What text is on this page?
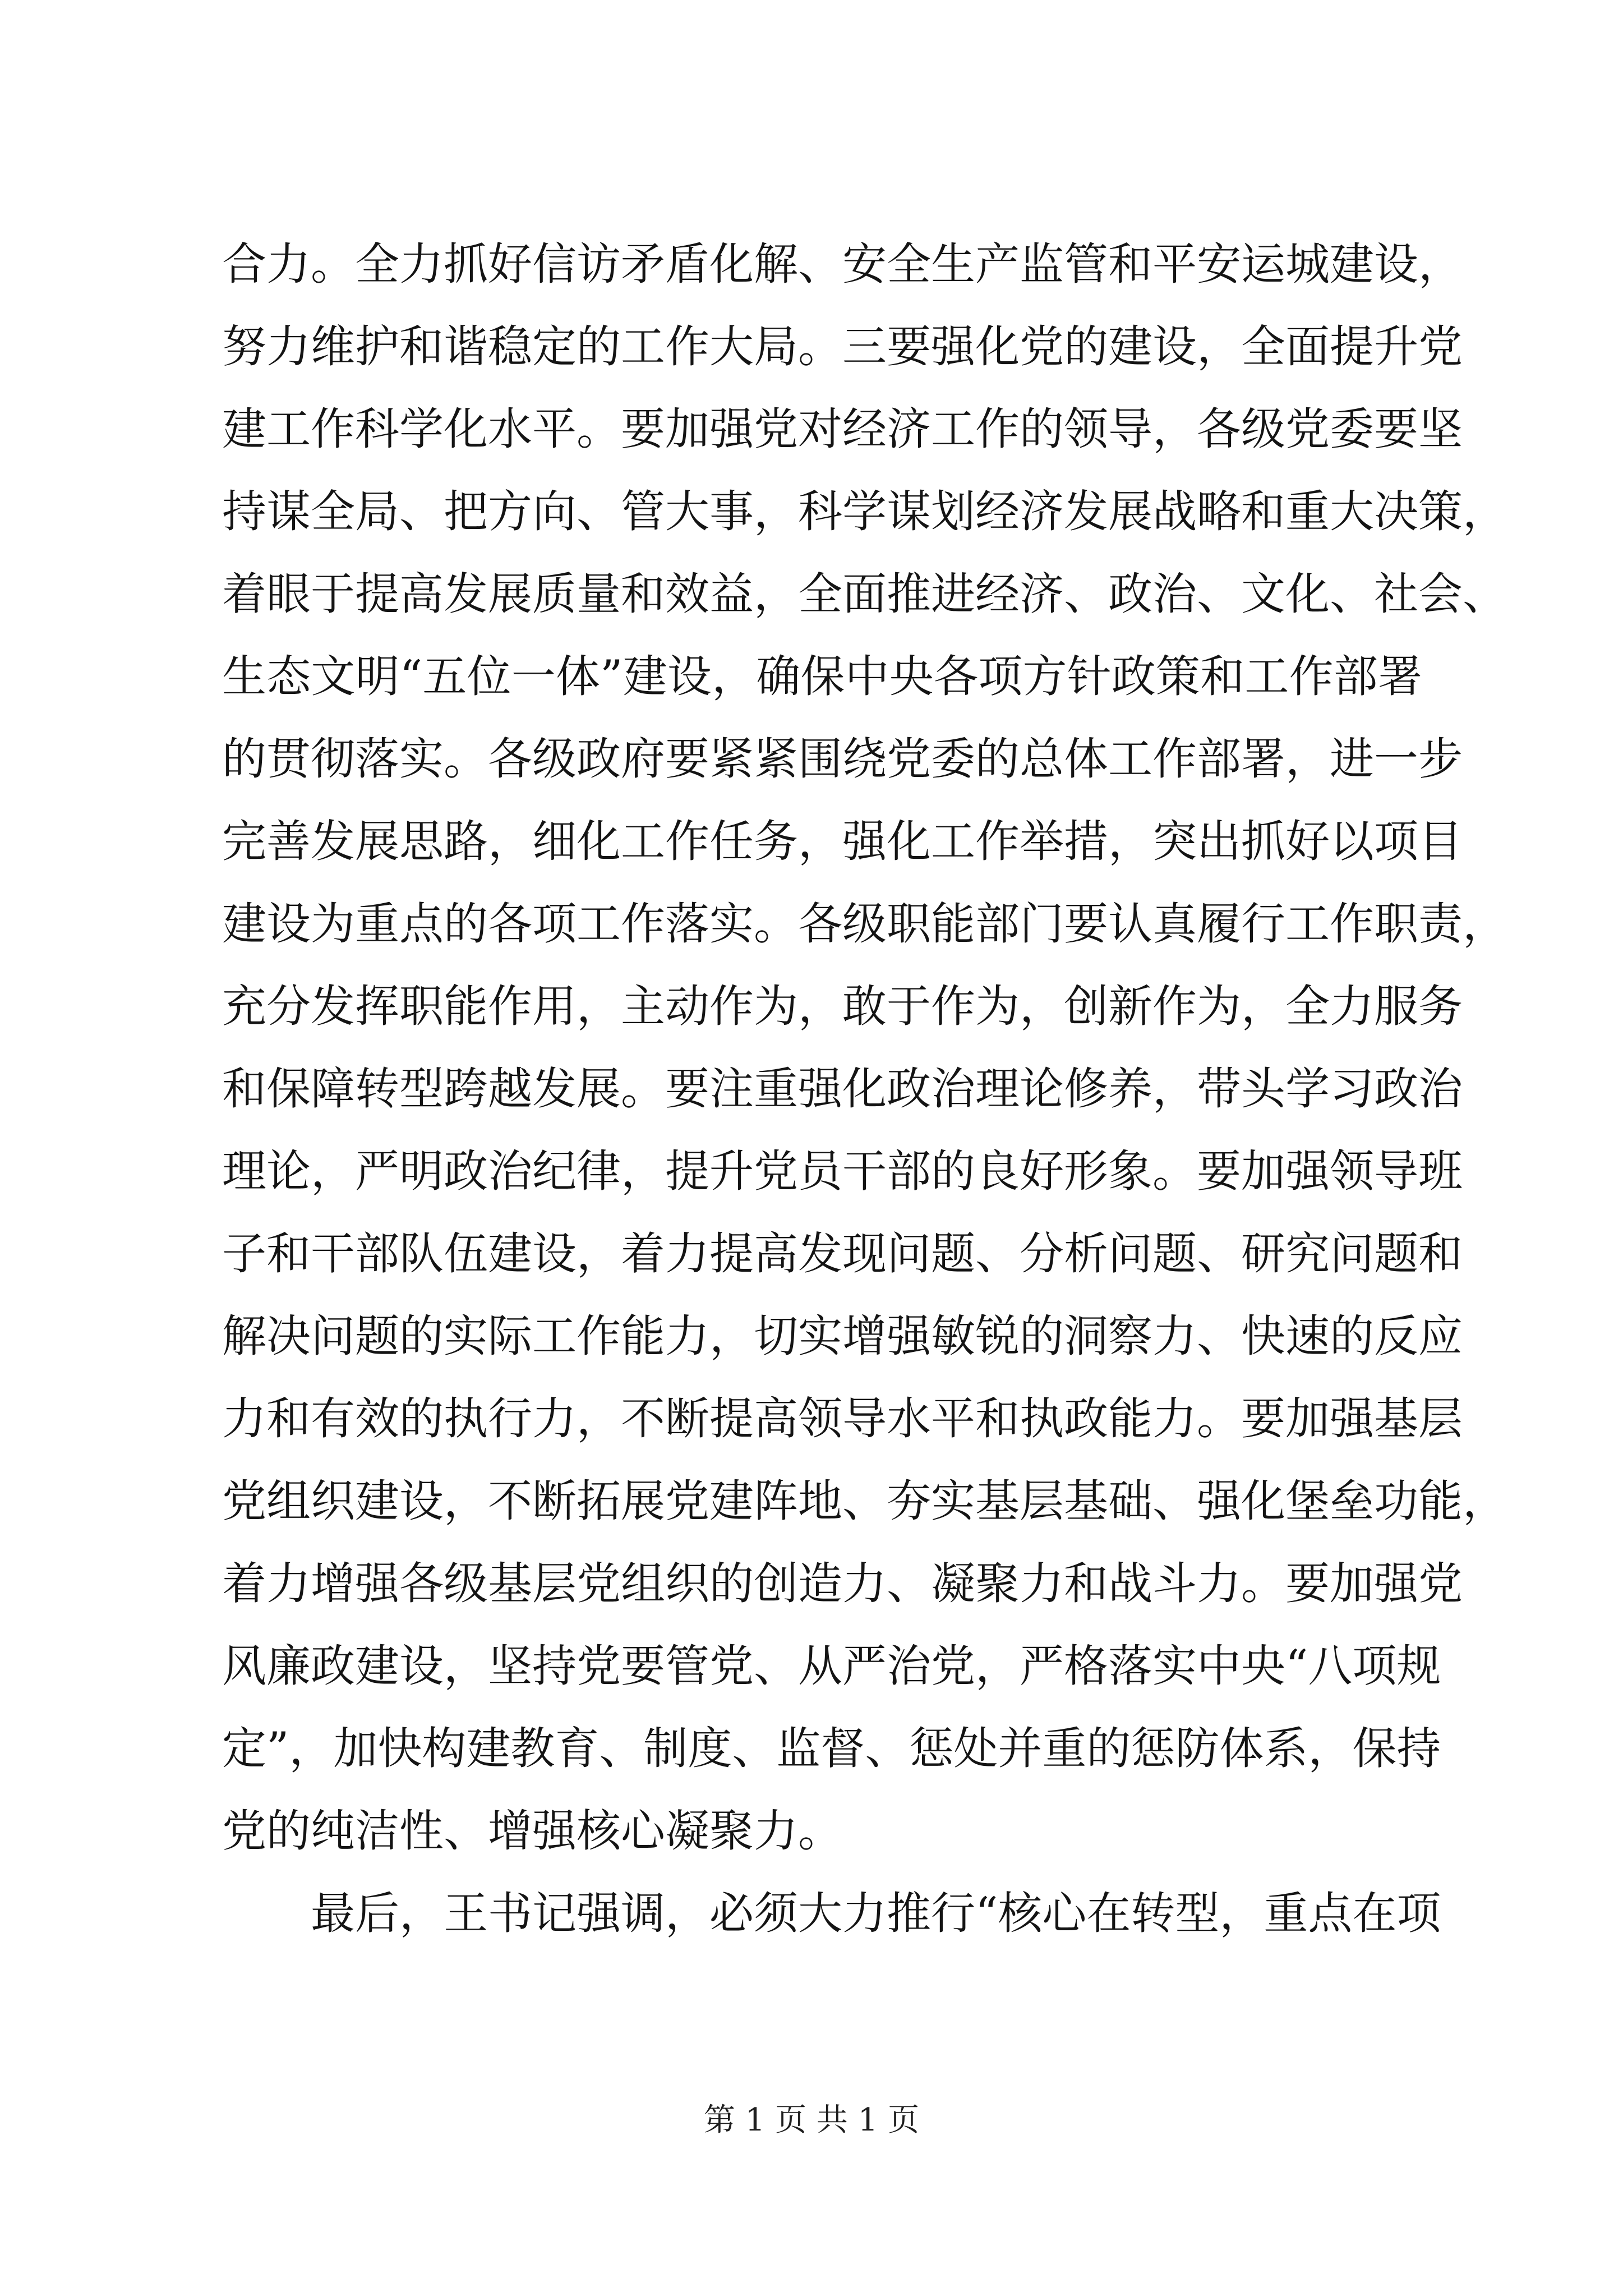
合力。全力抓好信访矛盾化解、安全生产监管和平安运城建设，
努力维护和谐稳定的工作大局。三要强化党的建设，全面提升党
建工作科学化水平。要加强党对经济工作的领导，各级党委要坚
持谋全局、把方向、管大事，科学谋划经济发展战略和重大决策，
着眼于提高发展质量和效益，全面推进经济、政治、文化、社会、
生态文明“五位一体”建设，确保中央各项方针政策和工作部署
的贯彻落实。各级政府要紧紧围绕党委的总体工作部署，进一步
完善发展思路，细化工作任务，强化工作举措，突出抓好以项目
建设为重点的各项工作落实。各级职能部门要认真履行工作职责，
充分发挥职能作用，主动作为，敢于作为，创新作为，全力服务
和保障转型跨越发展。要注重强化政治理论修养，带头学习政治
理论，严明政治纪律，提升党员干部的良好形象。要加强领导班
子和干部队伍建设，着力提高发现问题、分析问题、研究问题和
解决问题的实际工作能力，切实增强敏锐的洞察力、快速的反应
力和有效的执行力，不断提高领导水平和执政能力。要加强基层
党组织建设，不断拓展党建阵地、夯实基层基础、强化堡垒功能，
着力增强各级基层党组织的创造力、凝聚力和战斗力。要加强党
风廉政建设，坚持党要管党、从严治党，严格落实中央“八项规
定”，加快构建教育、制度、监督、惩处并重的惩防体系，保持
党的纯洁性、增强核心凝聚力。
最后，王书记强调，必须大力推行“核心在转型，重点在项
第 1 页 共 1 页
